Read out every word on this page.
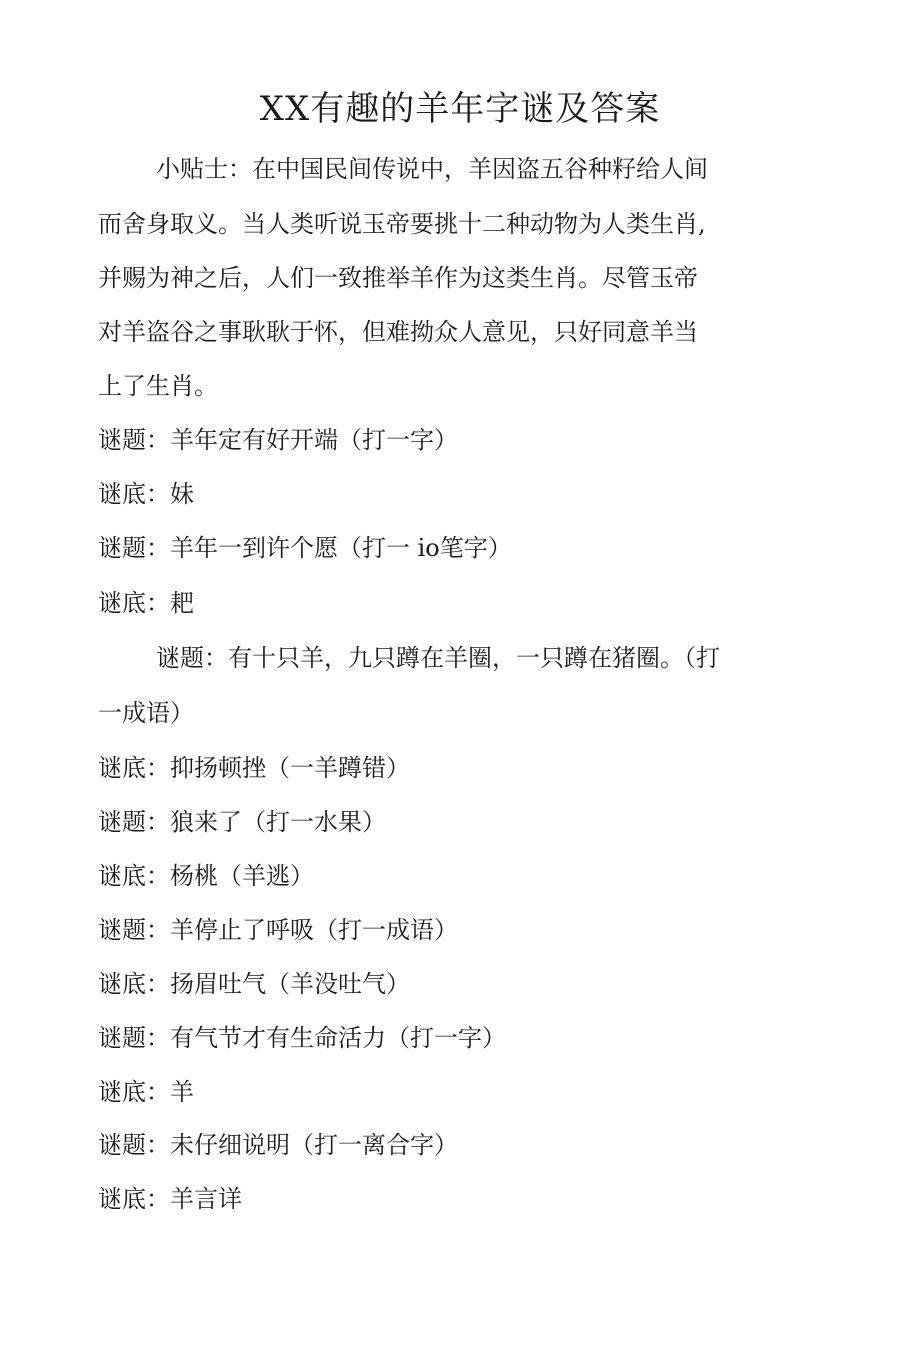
XX有趣的羊年字谜及答案
小贴士：在中国民间传说中，羊因盗五谷种籽给人间
而舍身取义。当人类听说玉帝要挑十二种动物为人类生肖,
并赐为神之后，人们一致推举羊作为这类生肖。尽管玉帝
对羊盗谷之事耿耿于怀，但难拗众人意见，只好同意羊当
上了生肖。
谜题：羊年定有好开端（打一字）
谜底：妹
谜题：羊年一到许个愿（打一 io笔字）
谜底：耙
谜题：有十只羊，九只蹲在羊圈，一只蹲在猪圈。（打
一成语）
谜底：抑扬顿挫（一羊蹲错）
谜题：狼来了（打一水果）
谜底：杨桃（羊逃）
谜题：羊停止了呼吸（打一成语）
谜底：扬眉吐气（羊没吐气）
谜题：有气节才有生命活力（打一字）
谜底：羊
谜题：未仔细说明（打一离合字）
谜底：羊言详
